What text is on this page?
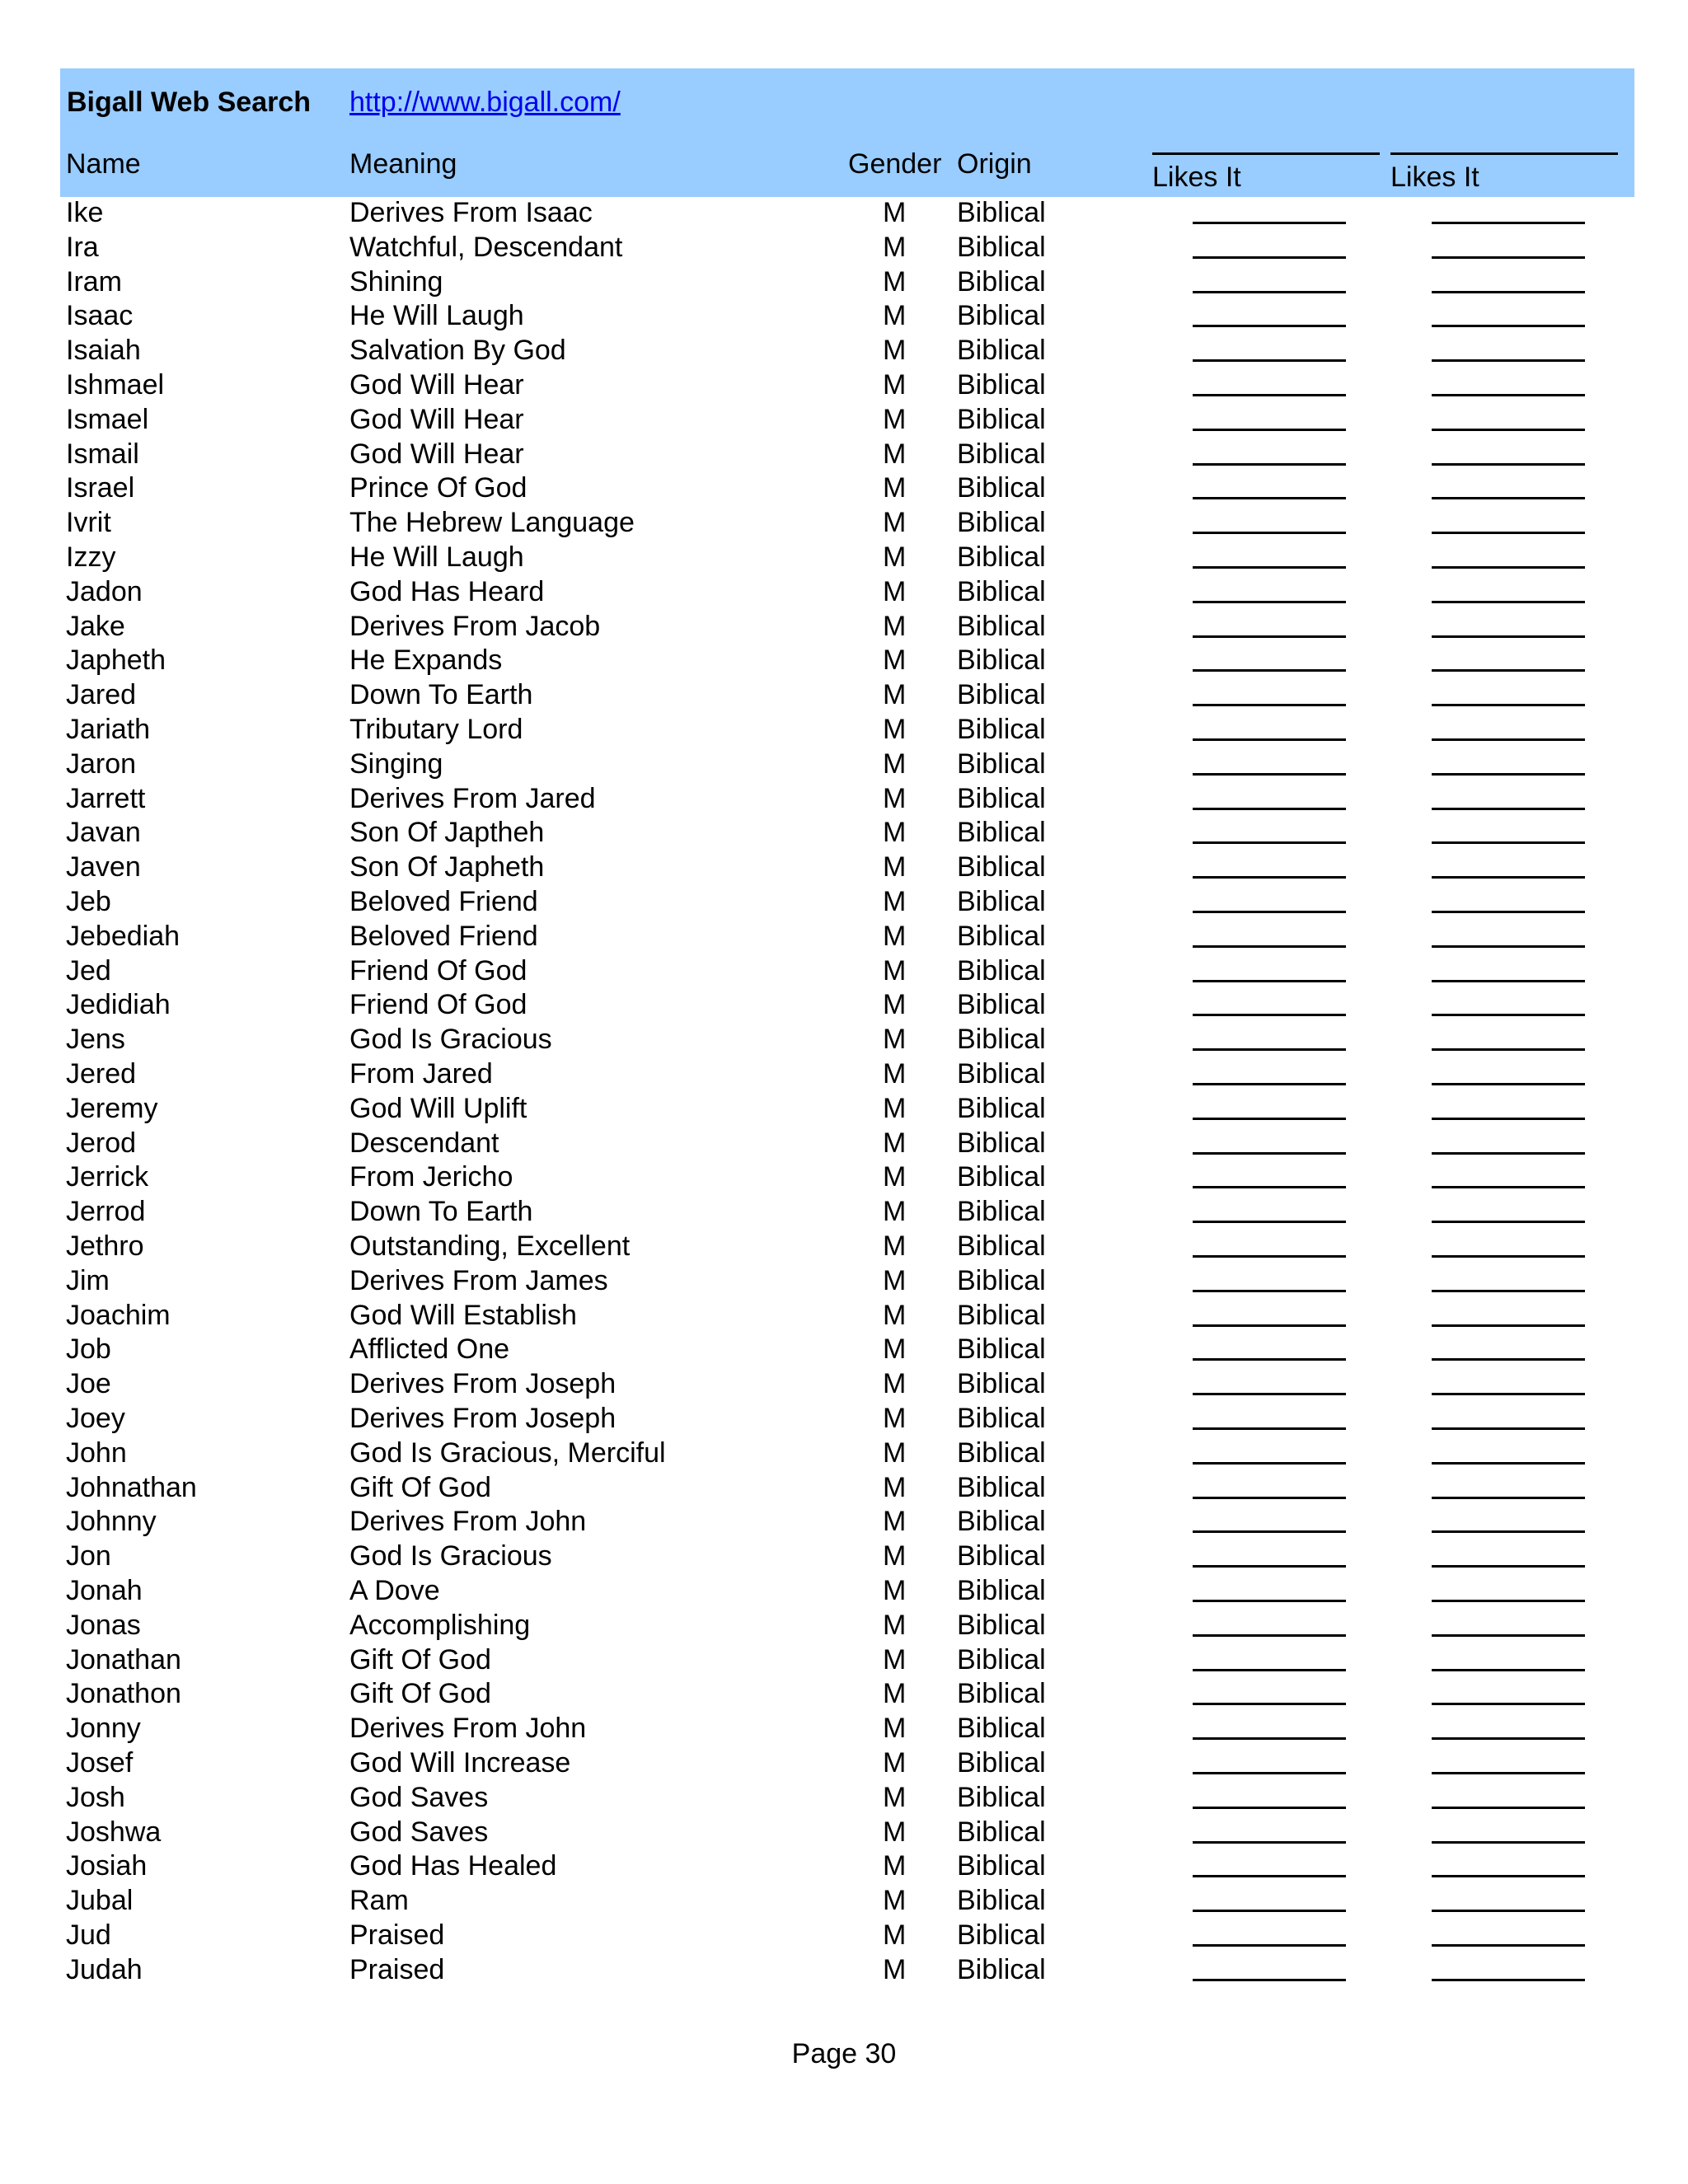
Bigall Web Search http://www.bigall.com/
Name	Meaning	Gender Origin	Likes It	Likes It
Ike	Derives From Isaac	M Biblical
Ira	Watchful, Descendant	M Biblical
Iram	Shining	M Biblical
Isaac	He Will Laugh	M Biblical
Isaiah	Salvation By God	M Biblical
Ishmael	God Will Hear	M Biblical
Ismael	God Will Hear	M Biblical
Ismail	God Will Hear	M Biblical
Israel	Prince Of God	M Biblical
Ivrit	The Hebrew Language	M Biblical
Izzy	He Will Laugh	M Biblical
Jadon	God Has Heard	M Biblical
Jake	Derives From Jacob	M Biblical
Japheth	He Expands	M Biblical
Jared	Down To Earth	M Biblical
Jariath	Tributary Lord	M Biblical
Jaron	Singing	M Biblical
Jarrett	Derives From Jared	M Biblical
Javan	Son Of Japtheh	M Biblical
Javen	Son Of Japheth	M Biblical
Jeb	Beloved Friend	M Biblical
Jebediah	Beloved Friend	M Biblical
Jed	Friend Of God	M Biblical
Jedidiah	Friend Of God	M Biblical
Jens	God Is Gracious	M Biblical
Jered	From Jared	M Biblical
Jeremy	God Will Uplift	M Biblical
Jerod	Descendant	M Biblical
Jerrick	From Jericho	M Biblical
Jerrod	Down To Earth	M Biblical
Jethro	Outstanding, Excellent	M Biblical
Jim	Derives From James	M Biblical
Joachim	God Will Establish	M Biblical
Job	Afflicted One	M Biblical
Joe	Derives From Joseph	M Biblical
Joey	Derives From Joseph	M Biblical
John	God Is Gracious, Merciful	M Biblical
Johnathan	Gift Of God	M Biblical
Johnny	Derives From John	M Biblical
Jon	God Is Gracious	M Biblical
Jonah	A Dove	M Biblical
Jonas	Accomplishing	M Biblical
Jonathan	Gift Of God	M Biblical
Jonathon	Gift Of God	M Biblical
Jonny	Derives From John	M Biblical
Josef	God Will Increase	M Biblical
Josh	God Saves	M Biblical
Joshwa	God Saves	M Biblical
Josiah	God Has Healed	M Biblical
Jubal	Ram	M Biblical
Jud	Praised	M Biblical
Judah	Praised	M Biblical
Page 30
